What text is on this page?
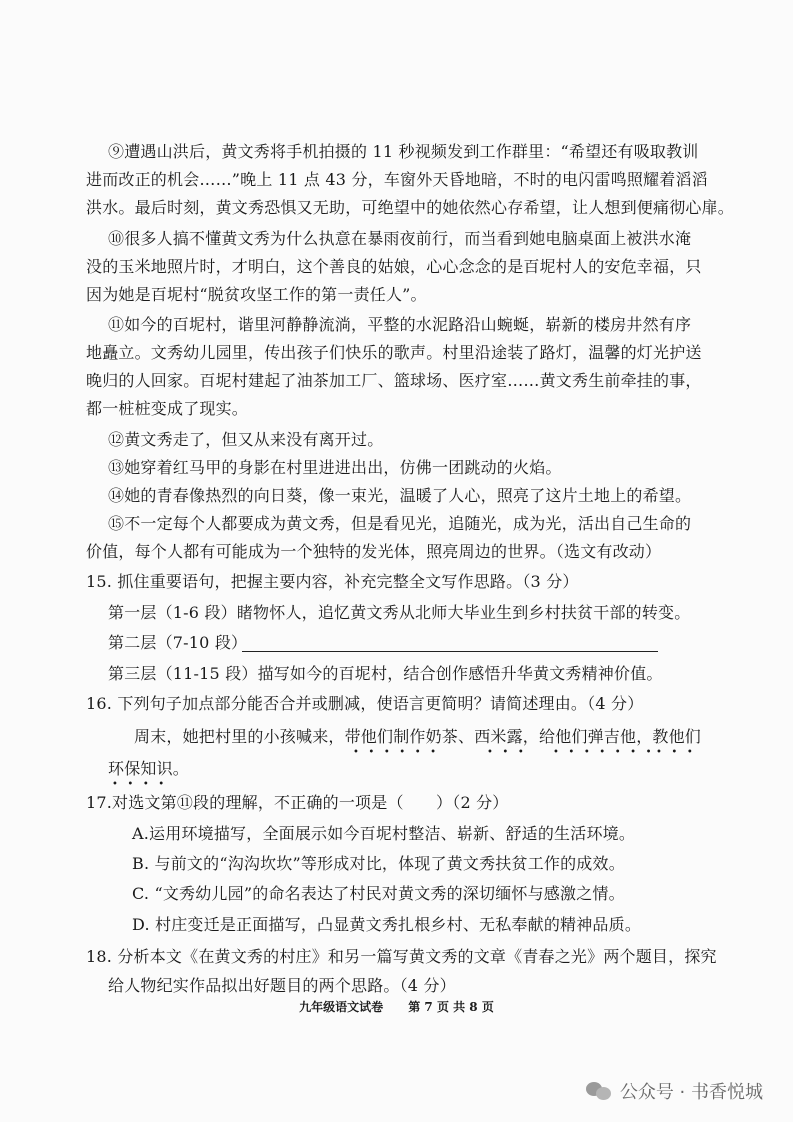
⑨遭遇山洪后，黄文秀将手机拍摄的 11 秒视频发到工作群里：“希望还有吸取教训
进而改正的机会……”晚上 11 点 43 分，车窗外天昏地暗，不时的电闪雷鸣照耀着滔滔
洪水。最后时刻，黄文秀恐惧又无助，可绝望中的她依然心存希望，让人想到便痛彻心扉。
⑩很多人搞不懂黄文秀为什么执意在暴雨夜前行，而当看到她电脑桌面上被洪水淹
没的玉米地照片时，才明白，这个善良的姑娘，心心念念的是百坭村人的安危幸福，只
因为她是百坭村“脱贫攻坚工作的第一责任人”。
⑪如今的百坭村，谐里河静静流淌，平整的水泥路沿山蜿蜒，崭新的楼房井然有序
地矗立。文秀幼儿园里，传出孩子们快乐的歌声。村里沿途装了路灯，温馨的灯光护送
晚归的人回家。百坭村建起了油茶加工厂、篮球场、医疗室……黄文秀生前牵挂的事，
都一桩桩变成了现实。
⑫黄文秀走了，但又从来没有离开过。
⑬她穿着红马甲的身影在村里进进出出，仿佛一团跳动的火焰。
⑭她的青春像热烈的向日葵，像一束光，温暖了人心，照亮了这片土地上的希望。
⑮不一定每个人都要成为黄文秀，但是看见光，追随光，成为光，活出自己生命的
价值，每个人都有可能成为一个独特的发光体，照亮周边的世界。（选文有改动）
15. 抓住重要语句，把握主要内容，补充完整全文写作思路。（3 分）
第一层（1-6 段）睹物怀人，追忆黄文秀从北师大毕业生到乡村扶贫干部的转变。
第二层（7-10 段）
第三层（11-15 段）描写如今的百坭村，结合创作感悟升华黄文秀精神价值。
16. 下列句子加点部分能否合并或删减，使语言更简明？请简述理由。（4 分）
周末，她把村里的小孩喊来，带他们制作奶茶、西米露，给他们弹吉他，教他们
•   •   •   •   •   •	•   •   •	•   •   •   •   •   •   • •   •   •
环保知识。
•   •   •   •
17.对选文第⑪段的理解，不正确的一项是（　　）（2 分）
A.运用环境描写，全面展示如今百坭村整洁、崭新、舒适的生活环境。
B. 与前文的“沟沟坎坎”等形成对比，体现了黄文秀扶贫工作的成效。
C. “文秀幼儿园”的命名表达了村民对黄文秀的深切缅怀与感激之情。
D. 村庄变迁是正面描写，凸显黄文秀扎根乡村、无私奉献的精神品质。
18. 分析本文《在黄文秀的村庄》和另一篇写黄文秀的文章《青春之光》两个题目，探究
给人物纪实作品拟出好题目的两个思路。（4 分）
九年级语文试卷 第 7 页 共 8 页
公众号 · 书香悦城
